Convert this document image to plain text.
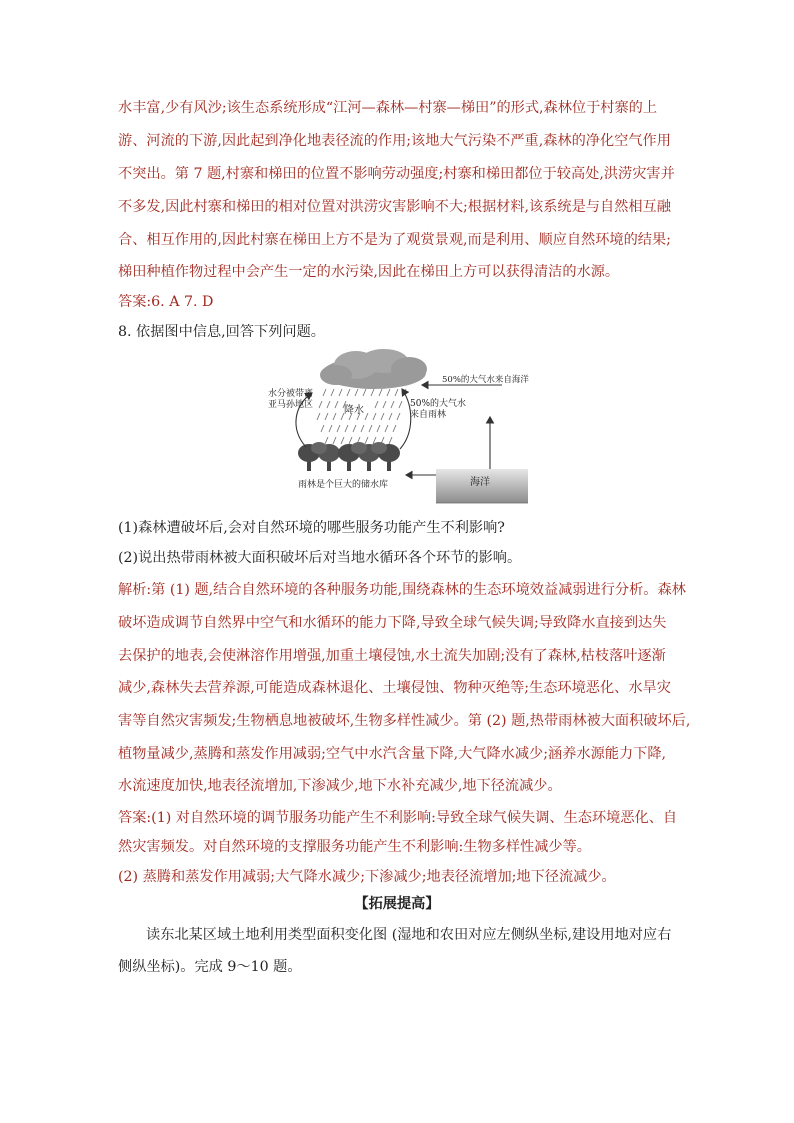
水丰富,少有风沙;该生态系统形成“江河—森林—村寨—梯田”的形式,森林位于村寨的上
游、河流的下游,因此起到净化地表径流的作用;该地大气污染不严重,森林的净化空气作用
不突出。第 7 题,村寨和梯田的位置不影响劳动强度;村寨和梯田都位于较高处,洪涝灾害并
不多发,因此村寨和梯田的相对位置对洪涝灾害影响不大;根据材料,该系统是与自然相互融
合、相互作用的,因此村寨在梯田上方不是为了观赏景观,而是利用、顺应自然环境的结果;
梯田种植作物过程中会产生一定的水污染,因此在梯田上方可以获得清洁的水源。
答案:6. A 7. D
8. 依据图中信息,回答下列问题。
水分被带离
亚马孙地区	降水
50%的大气水
来自雨林
50%的大气水来自海洋
雨林是个巨大的储水库	海洋
(1)森林遭破坏后,会对自然环境的哪些服务功能产生不利影响?
(2)说出热带雨林被大面积破坏后对当地水循环各个环节的影响。
解析:第 (1) 题,结合自然环境的各种服务功能,围绕森林的生态环境效益减弱进行分析。森林
破坏造成调节自然界中空气和水循环的能力下降,导致全球气候失调;导致降水直接到达失
去保护的地表,会使淋溶作用增强,加重土壤侵蚀,水土流失加剧;没有了森林,枯枝落叶逐渐
减少,森林失去营养源,可能造成森林退化、土壤侵蚀、物种灭绝等;生态环境恶化、水旱灾
害等自然灾害频发;生物栖息地被破坏,生物多样性减少。第 (2) 题,热带雨林被大面积破坏后,
植物量减少,蒸腾和蒸发作用减弱;空气中水汽含量下降,大气降水减少;涵养水源能力下降,
水流速度加快,地表径流增加,下渗减少,地下水补充减少,地下径流减少。
答案:(1) 对自然环境的调节服务功能产生不利影响:导致全球气候失调、生态环境恶化、自
然灾害频发。对自然环境的支撑服务功能产生不利影响:生物多样性减少等。
(2) 蒸腾和蒸发作用减弱;大气降水减少;下渗减少;地表径流增加;地下径流减少。
【拓展提高】
读东北某区域土地利用类型面积变化图 (湿地和农田对应左侧纵坐标,建设用地对应右
侧纵坐标)。完成 9～10 题。
